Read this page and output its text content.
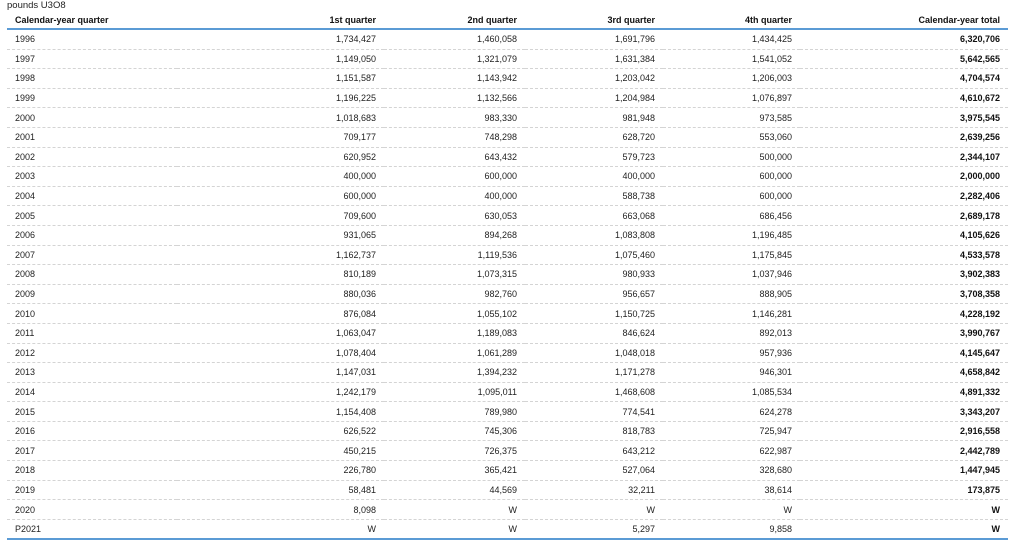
pounds U3O8
Calendar-year quarter	1st quarter	2nd quarter	3rd quarter	4th quarter	Calendar-year total
1996	1,734,427	1,460,058	1,691,796	1,434,425	6,320,706
1997	1,149,050	1,321,079	1,631,384	1,541,052	5,642,565
1998	1,151,587	1,143,942	1,203,042	1,206,003	4,704,574
1999	1,196,225	1,132,566	1,204,984	1,076,897	4,610,672
2000	1,018,683	983,330	981,948	973,585	3,975,545
2001	709,177	748,298	628,720	553,060	2,639,256
2002	620,952	643,432	579,723	500,000	2,344,107
2003	400,000	600,000	400,000	600,000	2,000,000
2004	600,000	400,000	588,738	600,000	2,282,406
2005	709,600	630,053	663,068	686,456	2,689,178
2006	931,065	894,268	1,083,808	1,196,485	4,105,626
2007	1,162,737	1,119,536	1,075,460	1,175,845	4,533,578
2008	810,189	1,073,315	980,933	1,037,946	3,902,383
2009	880,036	982,760	956,657	888,905	3,708,358
2010	876,084	1,055,102	1,150,725	1,146,281	4,228,192
2011	1,063,047	1,189,083	846,624	892,013	3,990,767
2012	1,078,404	1,061,289	1,048,018	957,936	4,145,647
2013	1,147,031	1,394,232	1,171,278	946,301	4,658,842
2014	1,242,179	1,095,011	1,468,608	1,085,534	4,891,332
2015	1,154,408	789,980	774,541	624,278	3,343,207
2016	626,522	745,306	818,783	725,947	2,916,558
2017	450,215	726,375	643,212	622,987	2,442,789
2018	226,780	365,421	527,064	328,680	1,447,945
2019	58,481	44,569	32,211	38,614	173,875
2020	8,098	W	W	W	W
P2021	W	W	5,297	9,858	W
